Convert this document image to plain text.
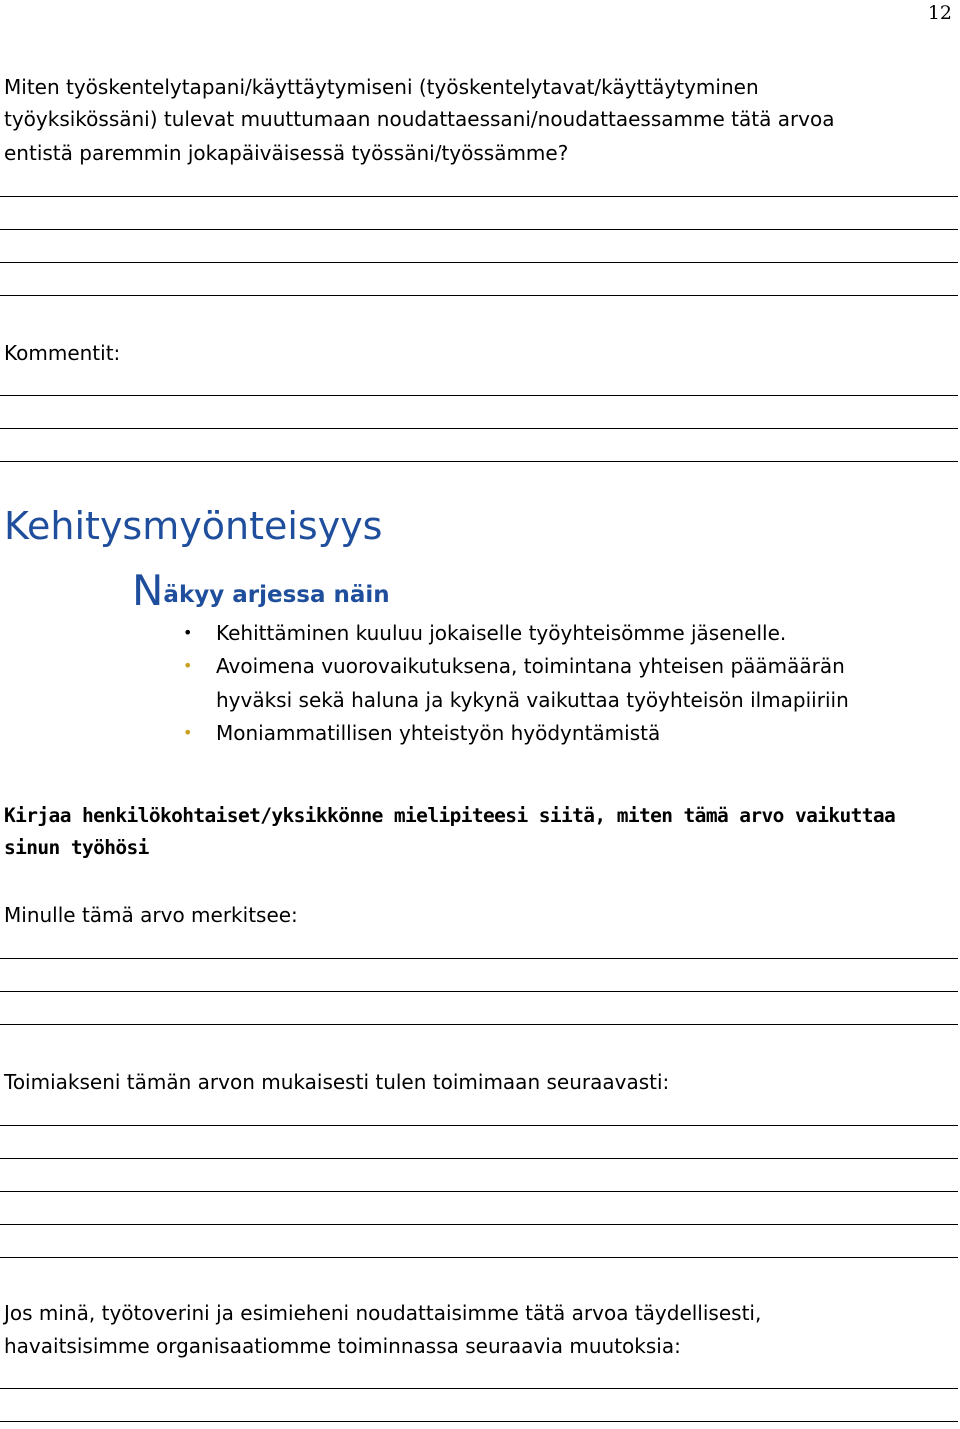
12
Miten työskentelytapani/käyttäytymiseni (työskentelytavat/käyttäytyminen
työyksikössäni) tulevat muuttumaan noudattaessani/noudattaessamme tätä arvoa
entistä paremmin jokapäiväisessä työssäni/työssämme?
Kommentit:
Kehitysmyönteisyys
Näkyy arjessa näin
• Kehittäminen kuuluu jokaiselle työyhteisömme jäsenelle.
• Avoimena vuorovaikutuksena, toimintana yhteisen päämäärän
hyväksi sekä haluna ja kykynä vaikuttaa työyhteisön ilmapiiriin
• Moniammatillisen yhteistyön hyödyntämistä
Kirjaa henkilökohtaiset/yksikkönne mielipiteesi siitä, miten tämä arvo vaikuttaa sinun työhösi
Minulle tämä arvo merkitsee:
Toimiakseni tämän arvon mukaisesti tulen toimimaan seuraavasti:
Jos minä, työtoverini ja esimieheni noudattaisimme tätä arvoa täydellisesti,
havaitsisimme organisaatiomme toiminnassa seuraavia muutoksia:
